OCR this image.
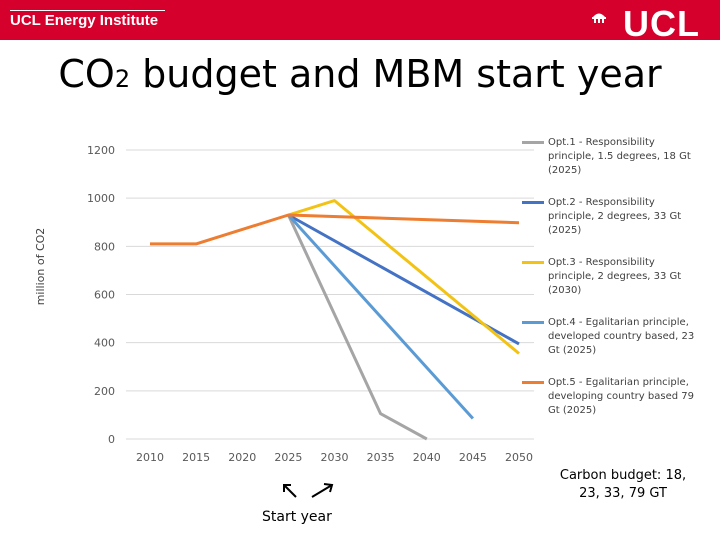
UCL Energy Institute	UCL
CO2 budget and MBM start year
0
200
400
600
800
1000
1200
2010 2015 2020 2025 2030 2035 2040 2045 2050
million of CO2
Opt.1 - Responsibility principle, 1.5 degrees, 18 Gt (2025)
Opt.2 - Responsibility principle, 2 degrees, 33 Gt (2025)
Opt.3 - Responsibility principle, 2 degrees, 33 Gt (2030)
Opt.4 - Egalitarian principle, developed country based, 23 Gt (2025)
Opt.5 - Egalitarian principle, developing country based 79 Gt (2025)
Carbon budget: 18, 23, 33, 79 GT
Start year
